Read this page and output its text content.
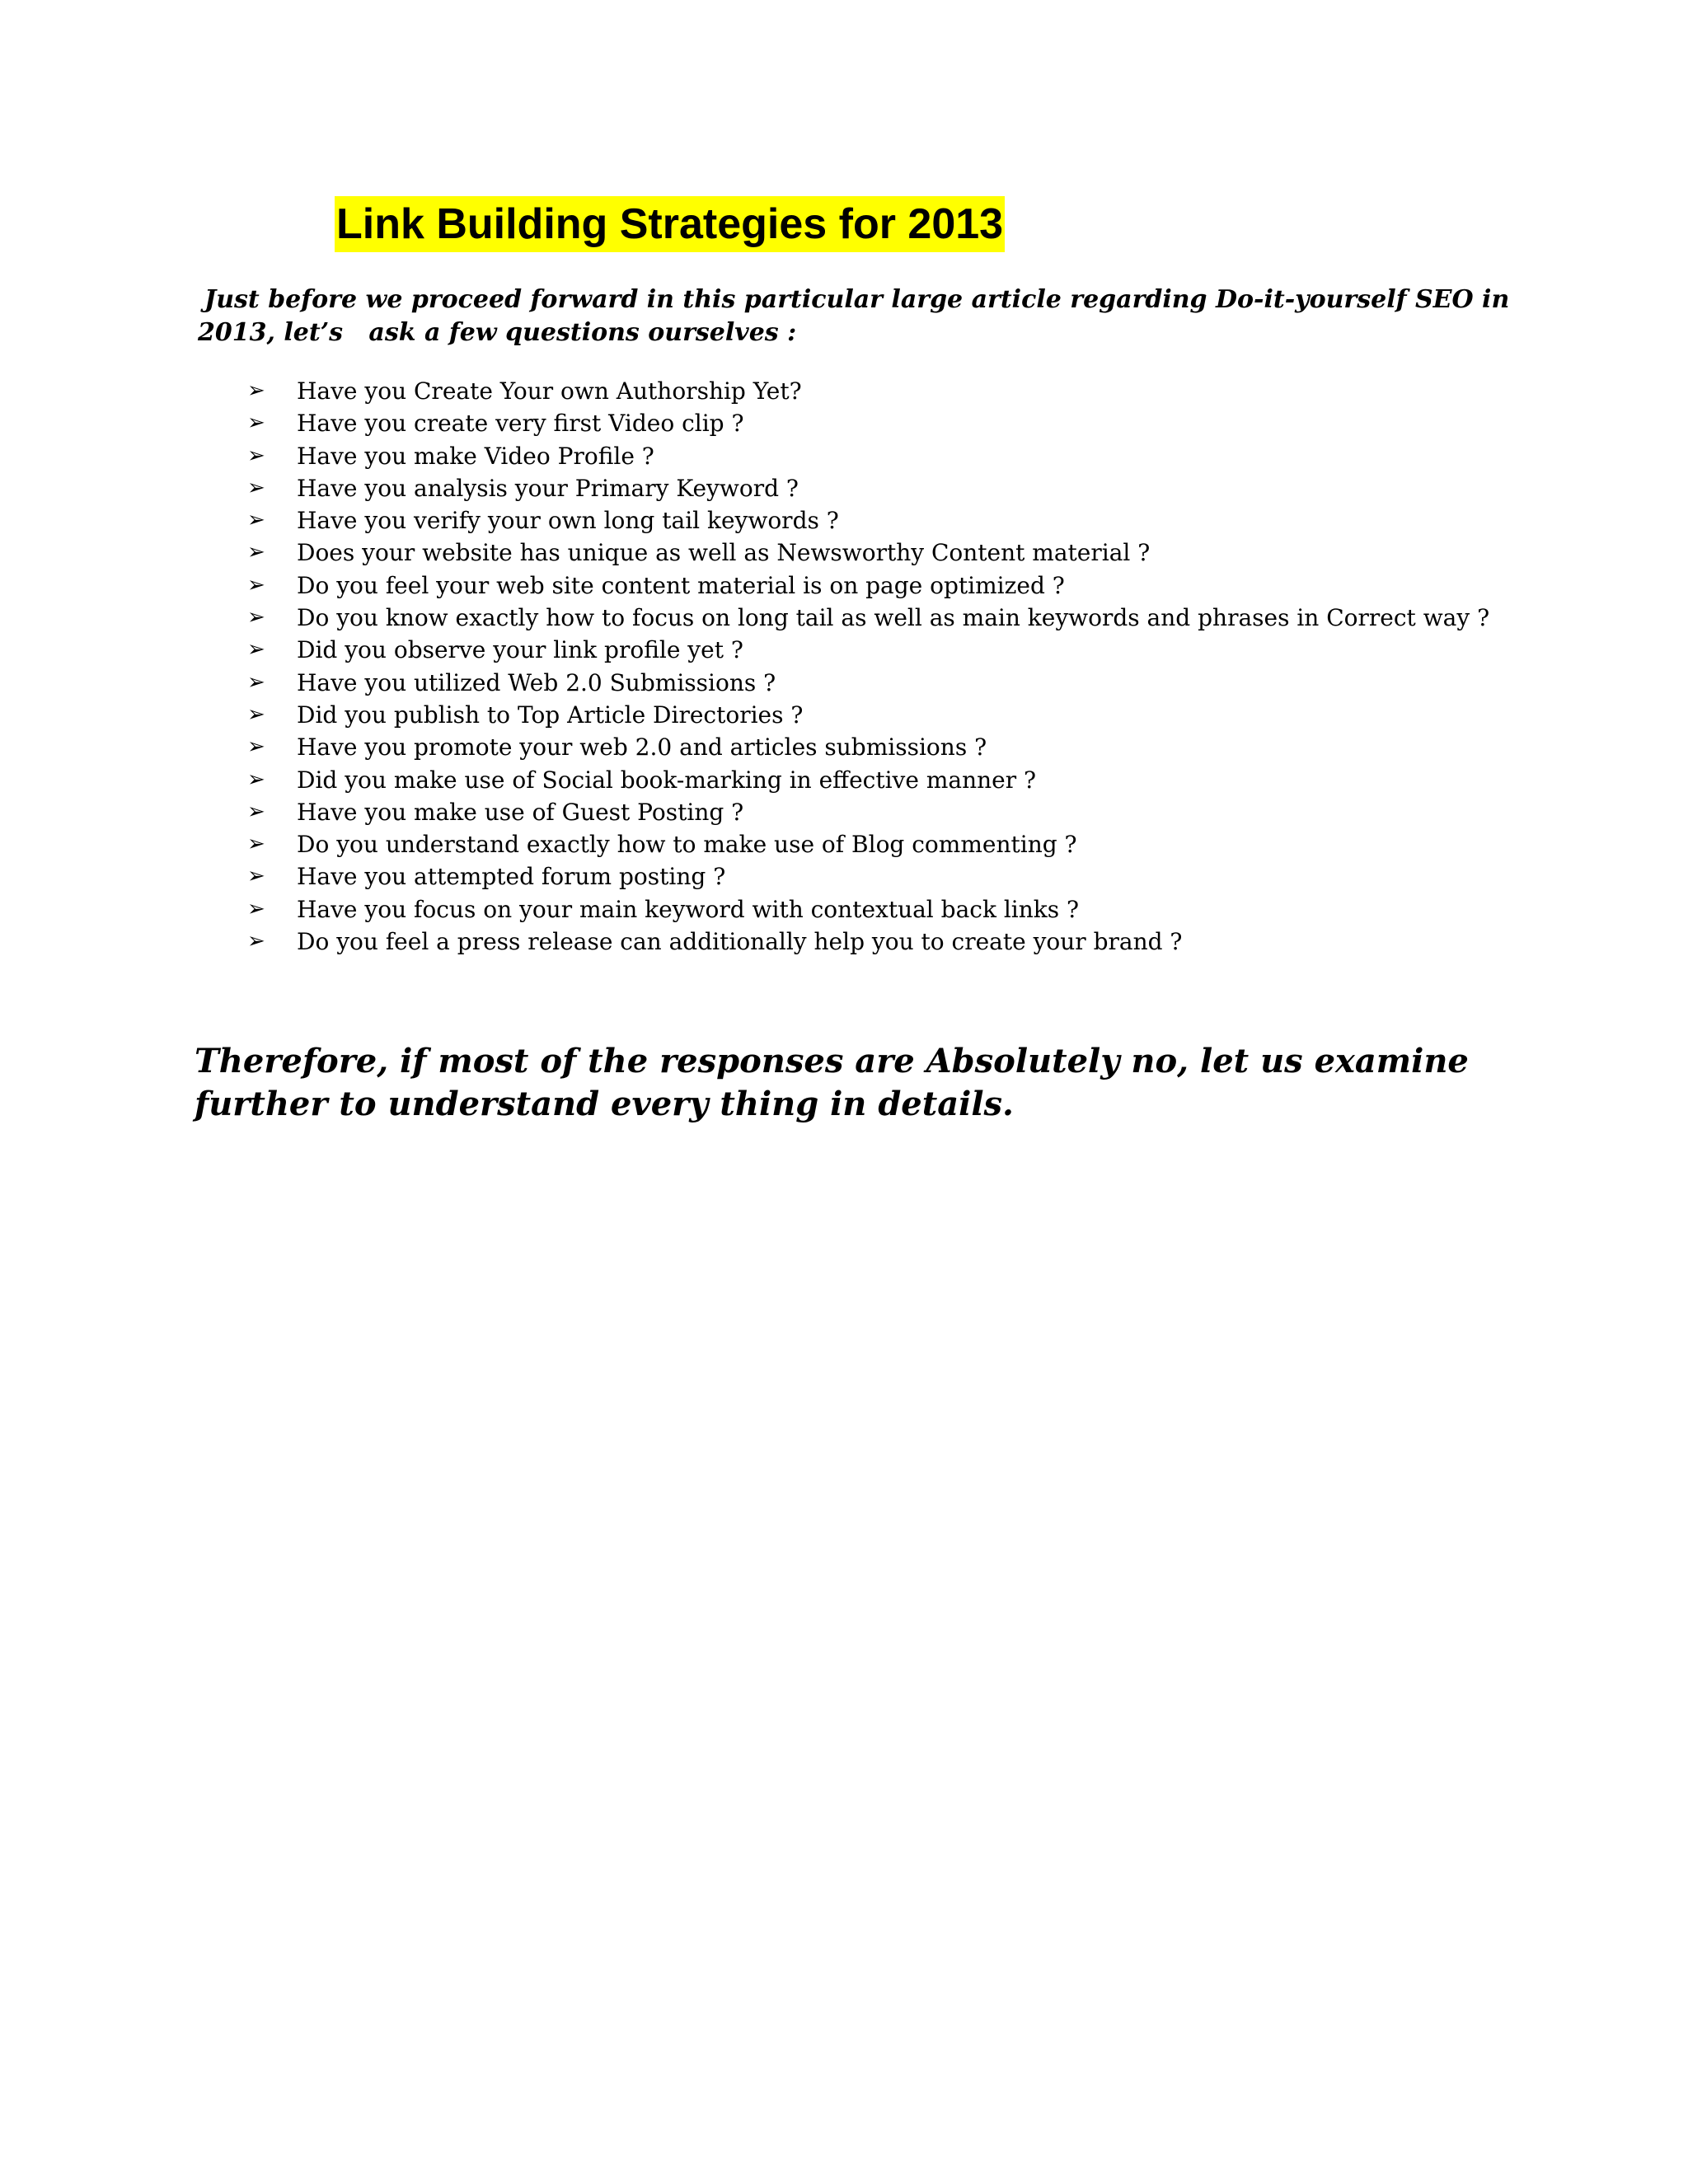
Link Building Strategies for 2013
Just before we proceed forward in this particular large article regarding Do-it-yourself SEO in
2013, let’s   ask a few questions ourselves :
➢	Have you Create Your own Authorship Yet?
➢	Have you create very first Video clip ?
➢	Have you make Video Profile ?
➢	Have you analysis your Primary Keyword ?
➢	Have you verify your own long tail keywords ?
➢	Does your website has unique as well as Newsworthy Content material ?
➢	Do you feel your web site content material is on page optimized ?
➢	Do you know exactly how to focus on long tail as well as main keywords and phrases in Correct way ?
➢	Did you observe your link profile yet ?
➢	Have you utilized Web 2.0 Submissions ?
➢	Did you publish to Top Article Directories ?
➢	Have you promote your web 2.0 and articles submissions ?
➢	Did you make use of Social book-marking in effective manner ?
➢	Have you make use of Guest Posting ?
➢	Do you understand exactly how to make use of Blog commenting ?
➢	Have you attempted forum posting ?
➢	Have you focus on your main keyword with contextual back links ?
➢	Do you feel a press release can additionally help you to create your brand ?
Therefore, if most of the responses are Absolutely no, let us examine
further to understand every thing in details.
